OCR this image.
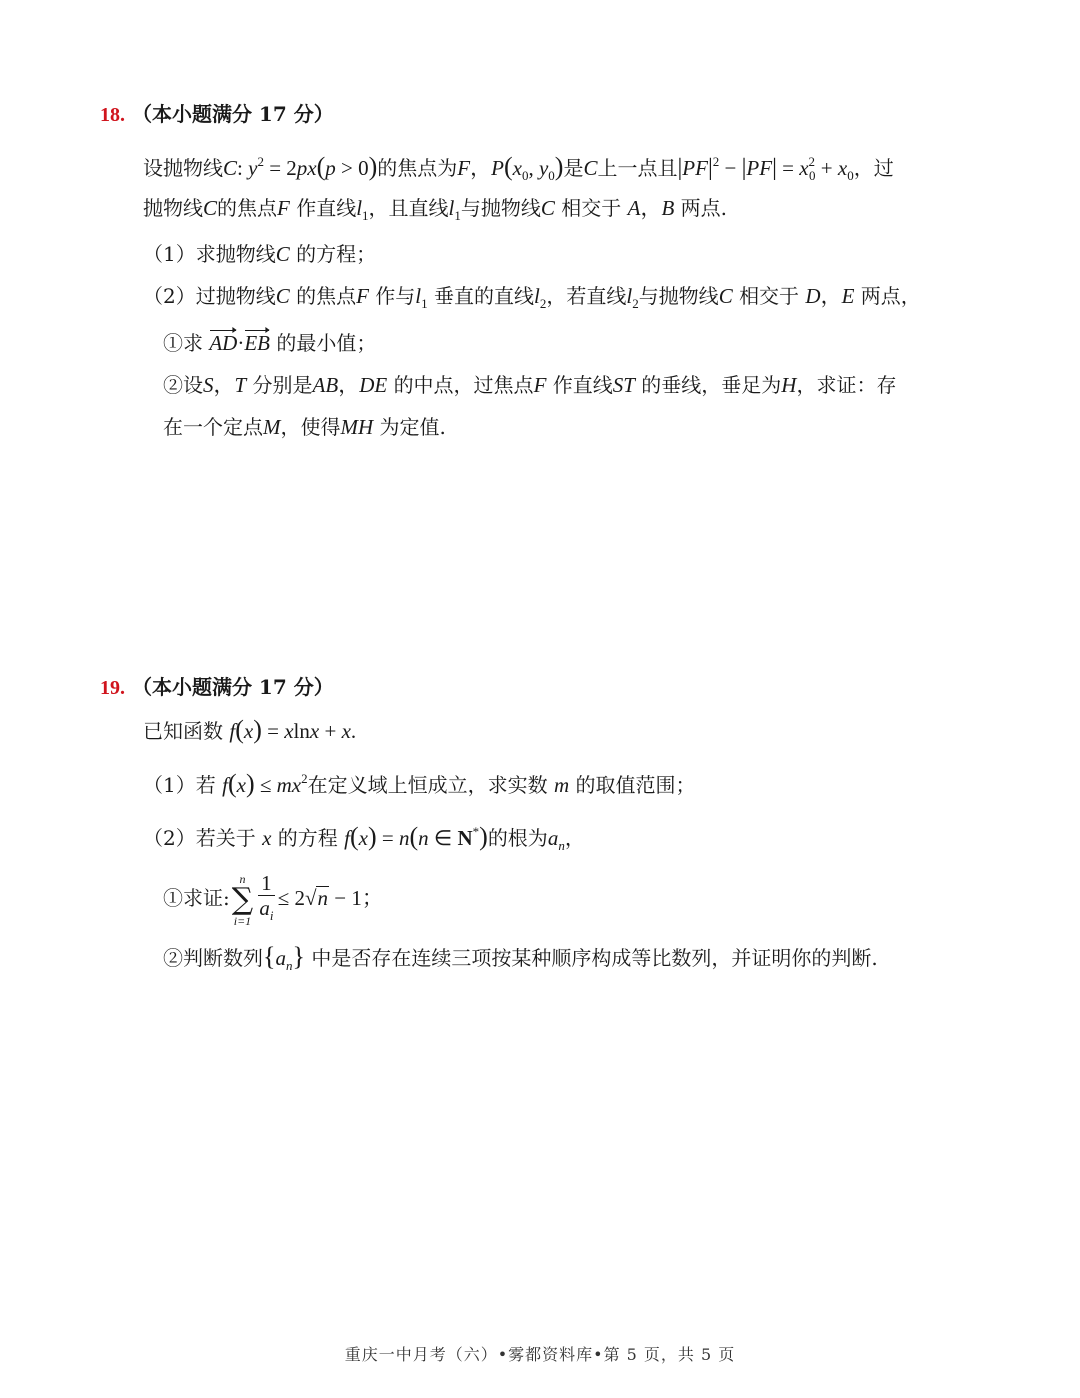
18. （本小题满分 17 分）
设抛物线C: $y^2 = 2px(p > 0)$的焦点为F，$P(x_0$, $y_0$)是C上一点且$|PF|^2 - |PF| = x^2_0 + x_0$，过
抛物线C的焦点F 作直线$l_1$，且直线$l_1$与抛物线C 相交于 A，B 两点.
（1）求抛物线C 的方程；
（2）过抛物线C 的焦点F 作与$l_1$ 垂直的直线$l_2$，若直线$l_2$与抛物线C 相交于 D，E 两点，
①求 AD·EB 的最小值；
②设S，T 分别是AB，DE 的中点，过焦点F 作直线ST 的垂线，垂足为H，求证：存
在一个定点M，使得MH 为定值.
19. （本小题满分 17 分）
已知函数 f(x) = xlnx + x.
（1）若 $f(x) \le mx^2$在定义域上恒成立，求实数 m 的取值范围；
（2）若关于 x 的方程 f(x) = n(n ∈ N*)的根为$a_n$，
①求证:
n
∑
$i=1 \frac{1}{a_i} \le 2√n - 1$；
②判断数列$\{a_n\}$ 中是否存在连续三项按某种顺序构成等比数列，并证明你的判断.
重庆一中月考（六）•雾都资料库•第 5 页，共 5 页
